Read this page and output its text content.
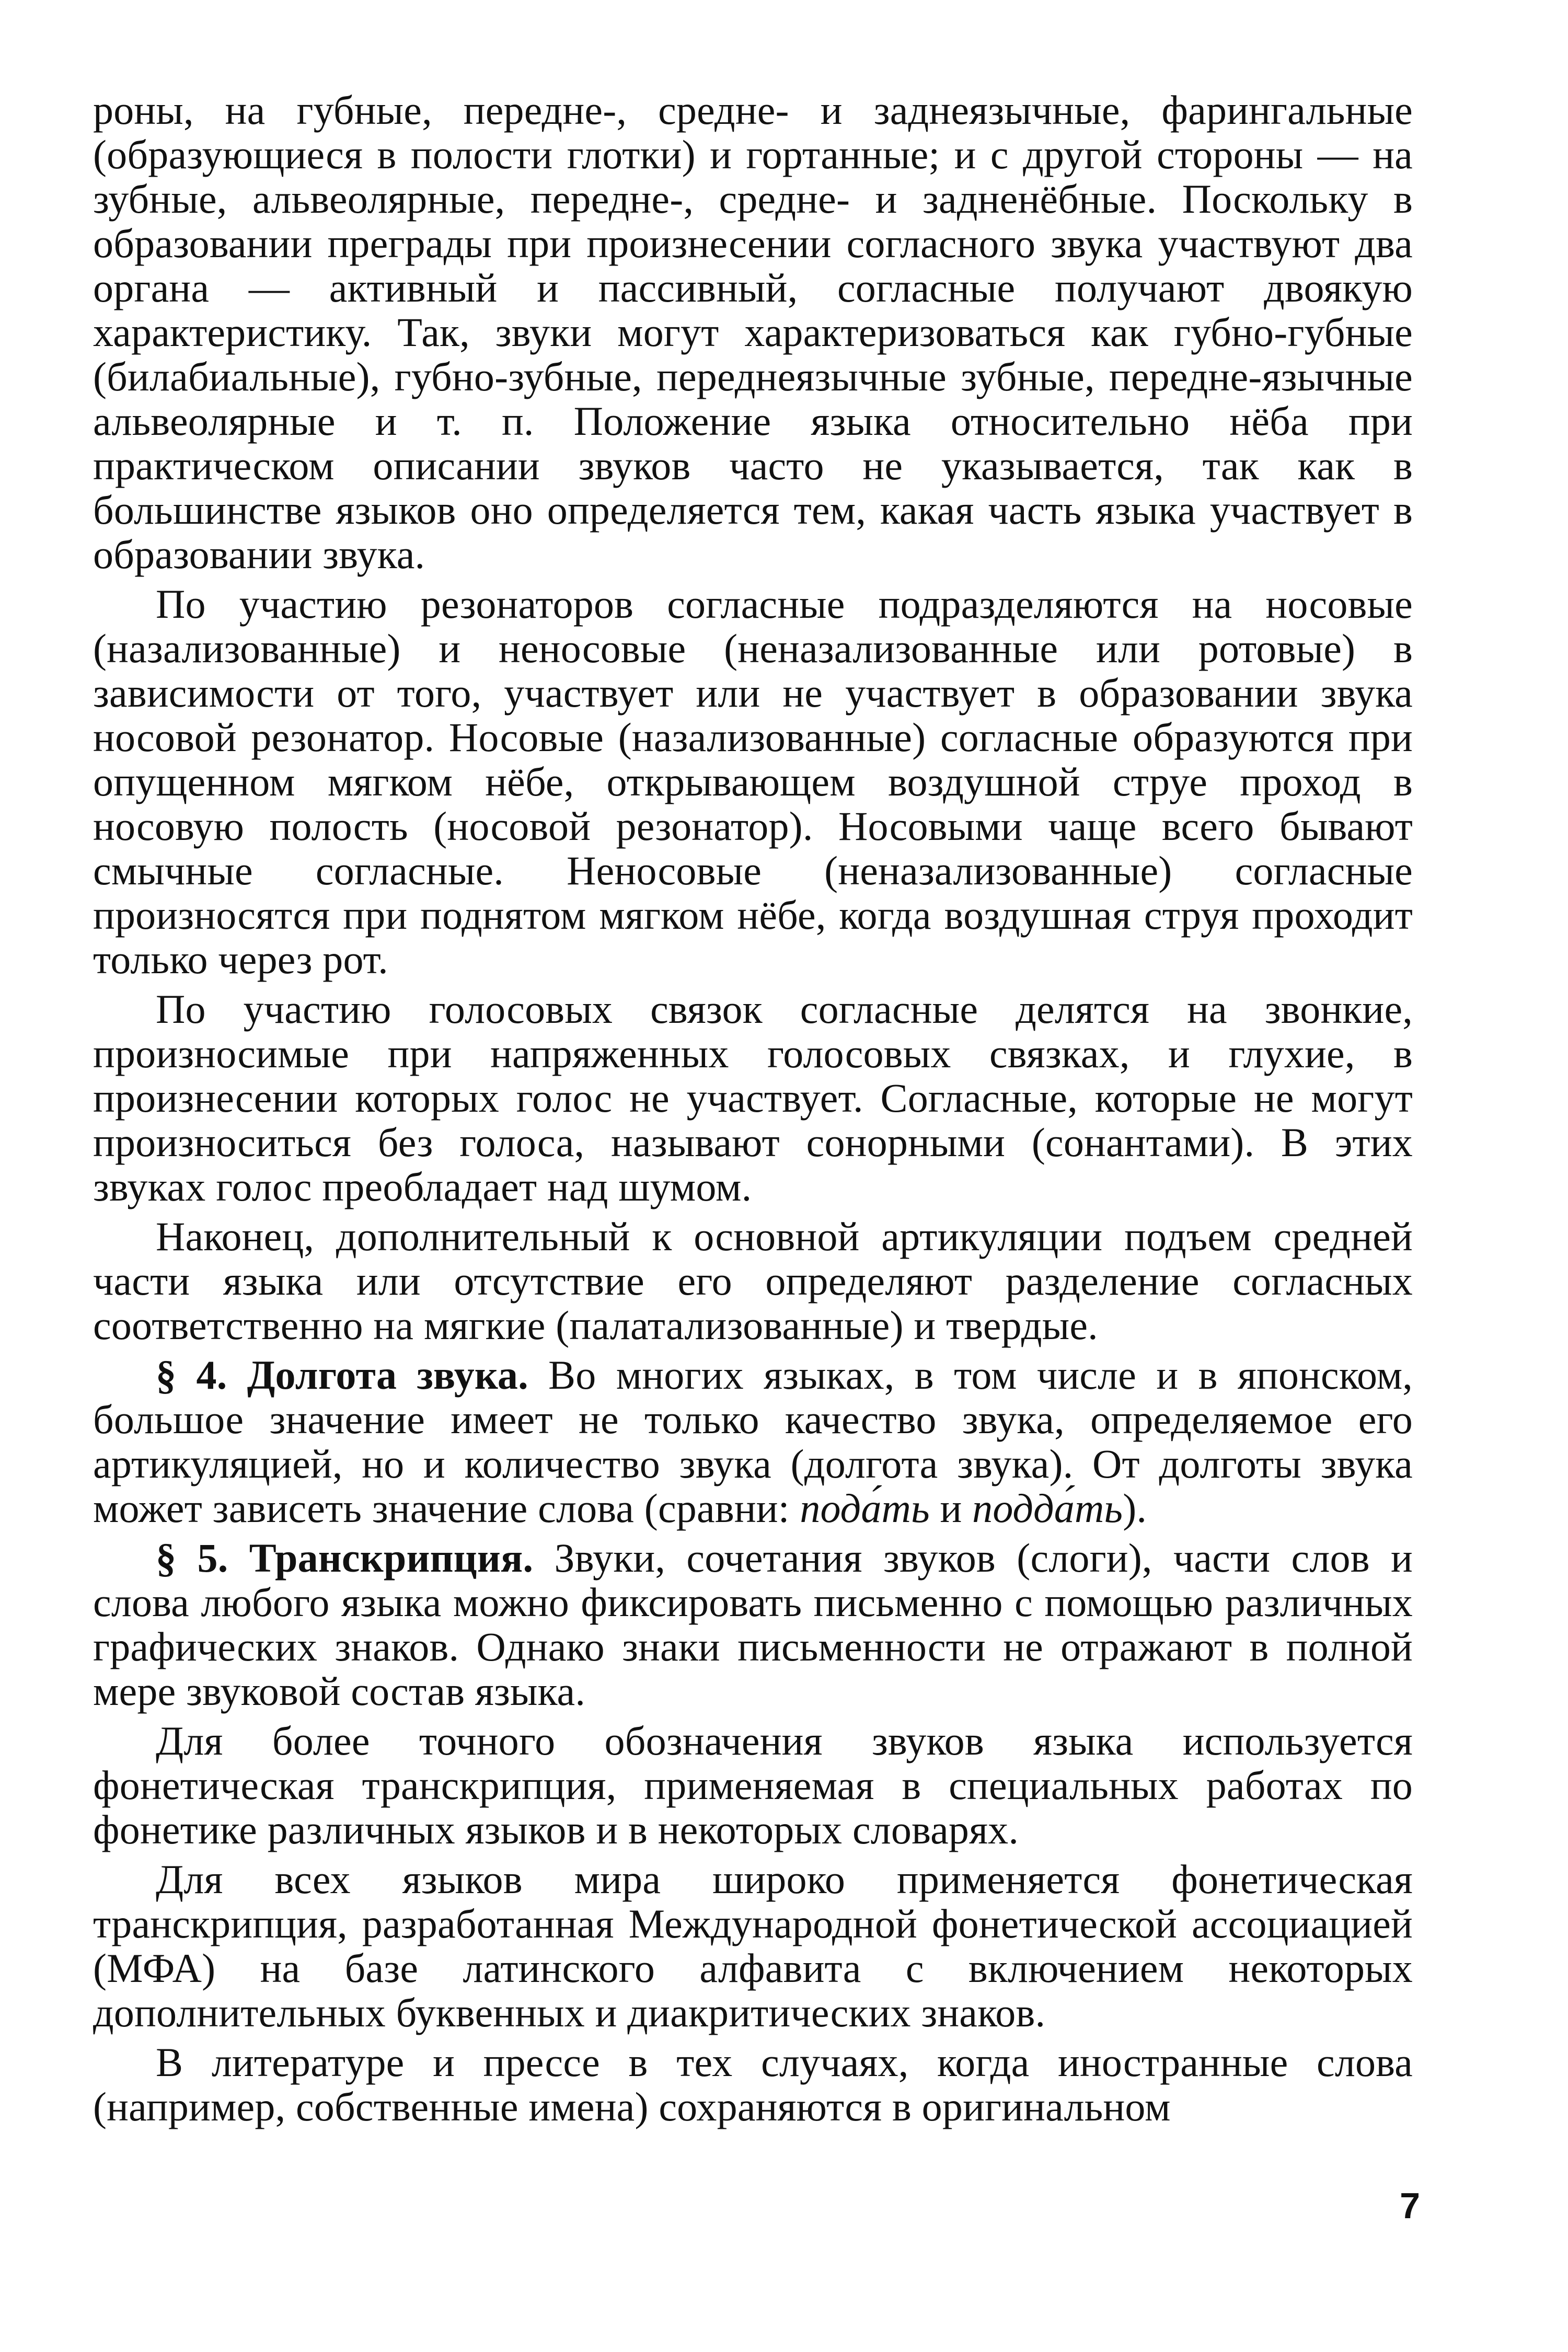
роны, на губные, передне-, средне- и заднеязычные, фарингальные (образующиеся в полости глотки) и гортанные; и с другой стороны — на зубные, альвеолярные, передне-, средне- и задненёбные. Поскольку в образовании преграды при произнесении согласного звука участвуют два органа — активный и пассивный, согласные получают двоякую характеристику. Так, звуки могут характеризоваться как губно-губные (билабиальные), губно-зубные, переднеязычные зубные, передне-язычные альвеолярные и т. п. Положение языка относительно нёба при практическом описании звуков часто не указывается, так как в большинстве языков оно определяется тем, какая часть языка участвует в образовании звука.

По участию резонаторов согласные подразделяются на носовые (назализованные) и неносовые (неназализованные или ротовые) в зависимости от того, участвует или не участвует в образовании звука носовой резонатор. Носовые (назализованные) согласные образуются при опущенном мягком нёбе, открывающем воздушной струе проход в носовую полость (носовой резонатор). Носовыми чаще всего бывают смычные согласные. Неносовые (неназализованные) согласные произносятся при поднятом мягком нёбе, когда воздушная струя проходит только через рот.

По участию голосовых связок согласные делятся на звонкие, произносимые при напряженных голосовых связках, и глухие, в произнесении которых голос не участвует. Согласные, которые не могут произноситься без голоса, называют сонорными (сонантами). В этих звуках голос преобладает над шумом.

Наконец, дополнительный к основной артикуляции подъем средней части языка или отсутствие его определяют разделение согласных соответственно на мягкие (палатализованные) и твердые.

§ 4. Долгота звука. Во многих языках, в том числе и в японском, большое значение имеет не только качество звука, определяемое его артикуляцией, но и количество звука (долгота звука). От долготы звука может зависеть значение слова (сравни: пода́ть и подда́ть).

§ 5. Транскрипция. Звуки, сочетания звуков (слоги), части слов и слова любого языка можно фиксировать письменно с помощью различных графических знаков. Однако знаки письменности не отражают в полной мере звуковой состав языка.

Для более точного обозначения звуков языка используется фонетическая транскрипция, применяемая в специальных работах по фонетике различных языков и в некоторых словарях.

Для всех языков мира широко применяется фонетическая транскрипция, разработанная Международной фонетической ассоциацией (МФА) на базе латинского алфавита с включением некоторых дополнительных буквенных и диакритических знаков.

В литературе и прессе в тех случаях, когда иностранные слова (например, собственные имена) сохраняются в оригинальном

7
